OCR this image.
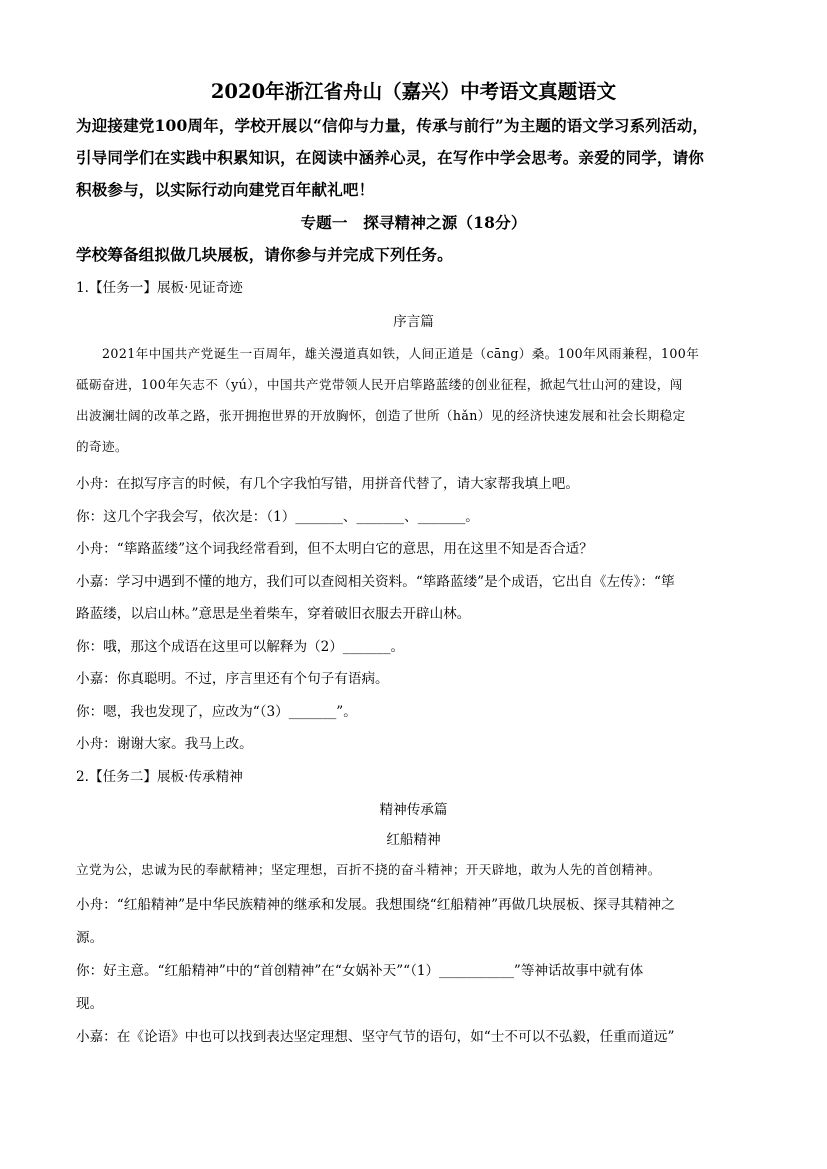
2020年浙江省舟山（嘉兴）中考语文真题语文
为迎接建党100周年，学校开展以“信仰与力量，传承与前行”为主题的语文学习系列活动，
引导同学们在实践中积累知识，在阅读中涵养心灵，在写作中学会思考。亲爱的同学，请你
积极参与，以实际行动向建党百年献礼吧！
专题一　探寻精神之源（18分）
学校筹备组拟做几块展板，请你参与并完成下列任务。
1.【任务一】展板·见证奇迹
序言篇
　　2021年中国共产党诞生一百周年，雄关漫道真如铁，人间正道是（cāng）桑。100年风雨兼程，100年
砥砺奋进，100年矢志不（yú），中国共产党带领人民开启筚路蓝缕的创业征程，掀起气壮山河的建设，闯
出波澜壮阔的改革之路，张开拥抱世界的开放胸怀，创造了世所（hǎn）见的经济快速发展和社会长期稳定
的奇迹。
小舟：在拟写序言的时候，有几个字我怕写错，用拼音代替了，请大家帮我填上吧。
你：这几个字我会写，依次是：（1）_______、_______、_______。
小舟：“筚路蓝缕”这个词我经常看到，但不太明白它的意思，用在这里不知是否合适？
小嘉：学习中遇到不懂的地方，我们可以查阅相关资料。“筚路蓝缕”是个成语，它出自《左传》：“筚
路蓝缕，以启山林。”意思是坐着柴车，穿着破旧衣服去开辟山林。
你：哦，那这个成语在这里可以解释为（2）_______。
小嘉：你真聪明。不过，序言里还有个句子有语病。
你：嗯，我也发现了，应改为“（3）_______”。
小舟：谢谢大家。我马上改。
2.【任务二】展板·传承精神
精神传承篇
红船精神
立党为公，忠诚为民的奉献精神；坚定理想，百折不挠的奋斗精神；开天辟地，敢为人先的首创精神。
小舟：“红船精神”是中华民族精神的继承和发展。我想围绕“红船精神”再做几块展板、探寻其精神之
源。
你：好主意。“红船精神”中的“首创精神”在“女娲补天”“（1）___________”等神话故事中就有体
现。
小嘉：在《论语》中也可以找到表达坚定理想、坚守气节的语句，如“士不可以不弘毅，任重而道远”
